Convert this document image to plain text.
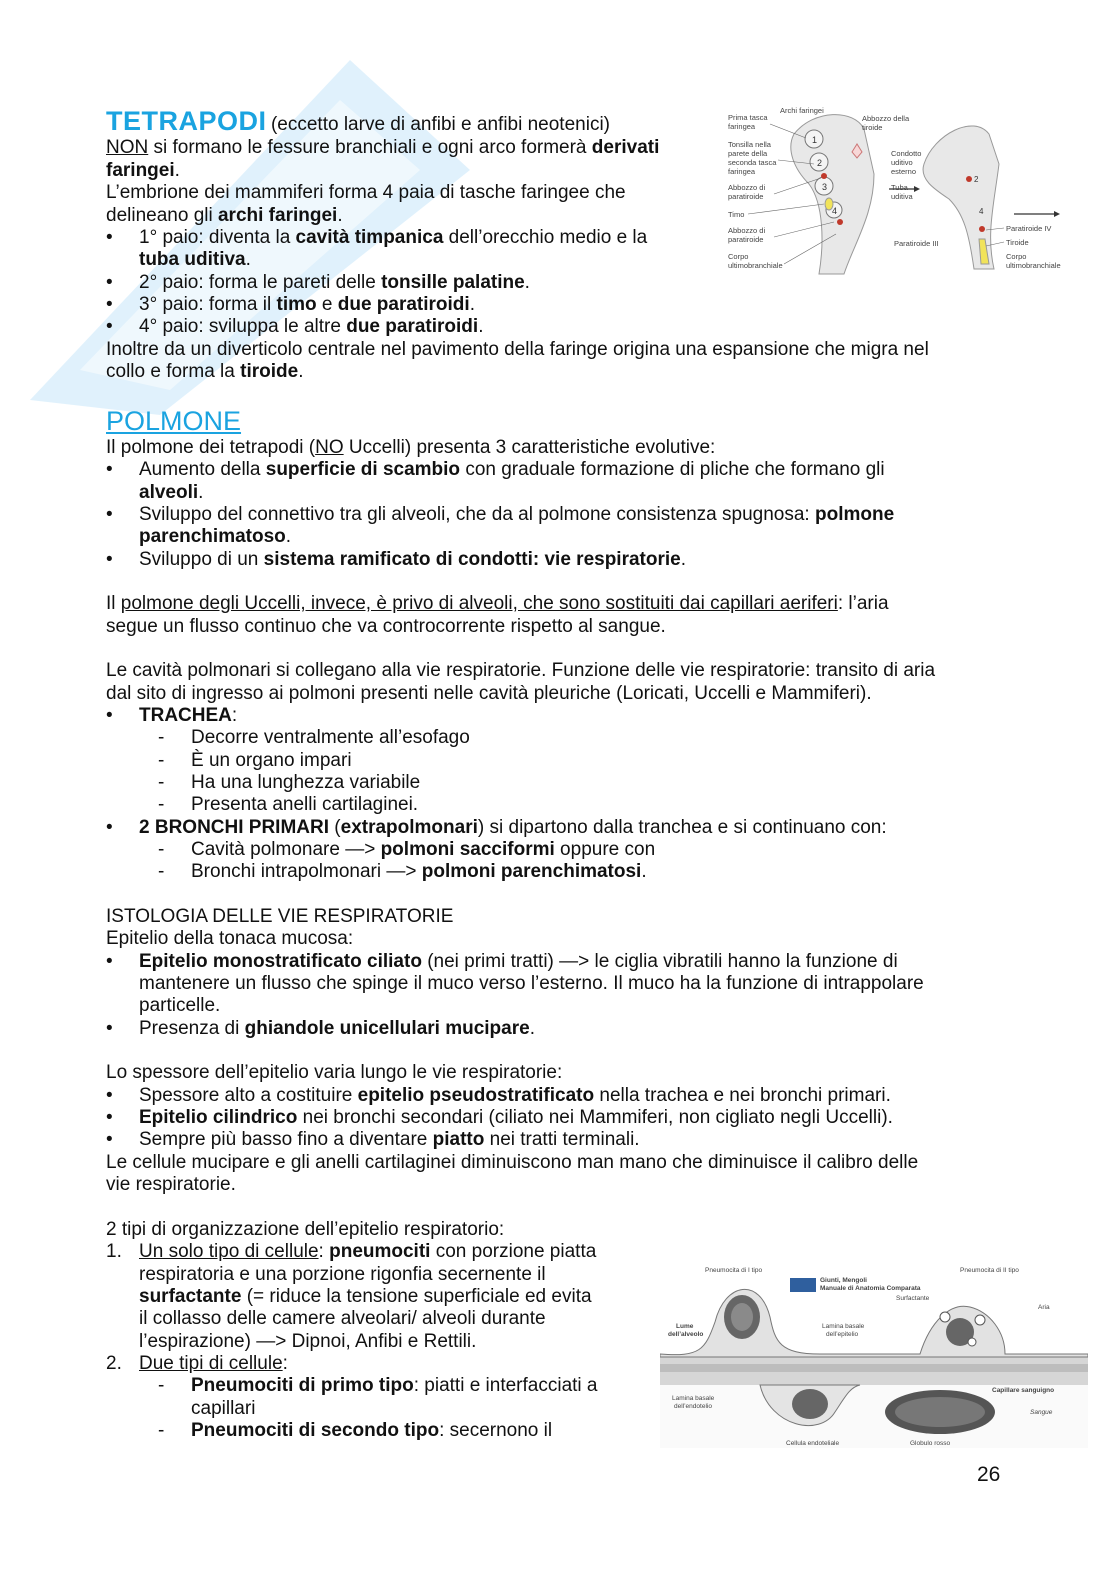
TETRAPODI (eccetto larve di anfibi e anfibi neotenici)
NON si formano le fessure branchiali e ogni arco formerà derivati
faringei.
L’embrione dei mammiferi forma 4 paia di tasche faringee che
delineano gli archi faringei.
• 1° paio: diventa la cavità timpanica dell’orecchio medio e la
tuba uditiva.
• 2° paio: forma le pareti delle tonsille palatine.
• 3° paio: forma il timo e due paratiroidi.
• 4° paio: sviluppa le altre due paratiroidi.
Inoltre da un diverticolo centrale nel pavimento della faringe origina una espansione che migra nel
collo e forma la tiroide.
1
2
3
4
2
4
Prima tasca
faringea
Tonsilla nella
parete della
seconda tasca
faringea
Abbozzo di
paratiroide
Timo
Abbozzo di
paratiroide
Corpo
ultimobranchiale
Archi faringei
Abbozzo della
tiroide
Condotto
uditivo
esterno
Tuba
uditiva
Paratiroide III
Paratiroide IV
Tiroide
Corpo
ultimobranchiale
POLMONE
Il polmone dei tetrapodi (NO Uccelli) presenta 3 caratteristiche evolutive:
• Aumento della superficie di scambio con graduale formazione di pliche che formano gli
alveoli.
• Sviluppo del connettivo tra gli alveoli, che da al polmone consistenza spugnosa: polmone
parenchimatoso.
• Sviluppo di un sistema ramificato di condotti: vie respiratorie.
Il polmone degli Uccelli, invece, è privo di alveoli, che sono sostituiti dai capillari aeriferi: l’aria
segue un flusso continuo che va controcorrente rispetto al sangue.
Le cavità polmonari si collegano alla vie respiratorie. Funzione delle vie respiratorie: transito di aria
dal sito di ingresso ai polmoni presenti nelle cavità pleuriche (Loricati, Uccelli e Mammiferi).
• TRACHEA:
- Decorre ventralmente all’esofago
- È un organo impari
- Ha una lunghezza variabile
- Presenta anelli cartilaginei.
• 2 BRONCHI PRIMARI (extrapolmonari) si dipartono dalla tranchea e si continuano con:
- Cavità polmonare —> polmoni sacciformi oppure con
- Bronchi intrapolmonari —> polmoni parenchimatosi.
ISTOLOGIA DELLE VIE RESPIRATORIE
Epitelio della tonaca mucosa:
• Epitelio monostratificato ciliato (nei primi tratti) —> le ciglia vibratili hanno la funzione di
mantenere un flusso che spinge il muco verso l’esterno. Il muco ha la funzione di intrappolare
particelle.
• Presenza di ghiandole unicellulari mucipare.
Lo spessore dell’epitelio varia lungo le vie respiratorie:
• Spessore alto a costituire epitelio pseudostratificato nella trachea e nei bronchi primari.
• Epitelio cilindrico nei bronchi secondari (ciliato nei Mammiferi, non cigliato negli Uccelli).
• Sempre più basso fino a diventare piatto nei tratti terminali.
Le cellule mucipare e gli anelli cartilaginei diminuiscono man mano che diminuisce il calibro delle
vie respiratorie.
2 tipi di organizzazione dell’epitelio respiratorio:
1. Un solo tipo di cellule: pneumociti con porzione piatta
respiratoria e una porzione rigonfia secernente il
surfactante (= riduce la tensione superficiale ed evita
il collasso delle camere alveolari/ alveoli durante
l’espirazione) —> Dipnoi, Anfibi e Rettili.
2. Due tipi di cellule:
- Pneumociti di primo tipo: piatti e interfacciati a
capillari
- Pneumociti di secondo tipo: secernono il
Pneumocita di I tipo	Pneumocita di II tipo
Giunti, Mengoli
Manuale di Anatomia Comparata
Surfactante
Aria
Lume
dell’alveolo
Lamina basale
dell’epitelio
Lamina basale
dell’endotelio
Capillare sanguigno
Sangue
Cellula endoteliale	Globulo rosso
26
